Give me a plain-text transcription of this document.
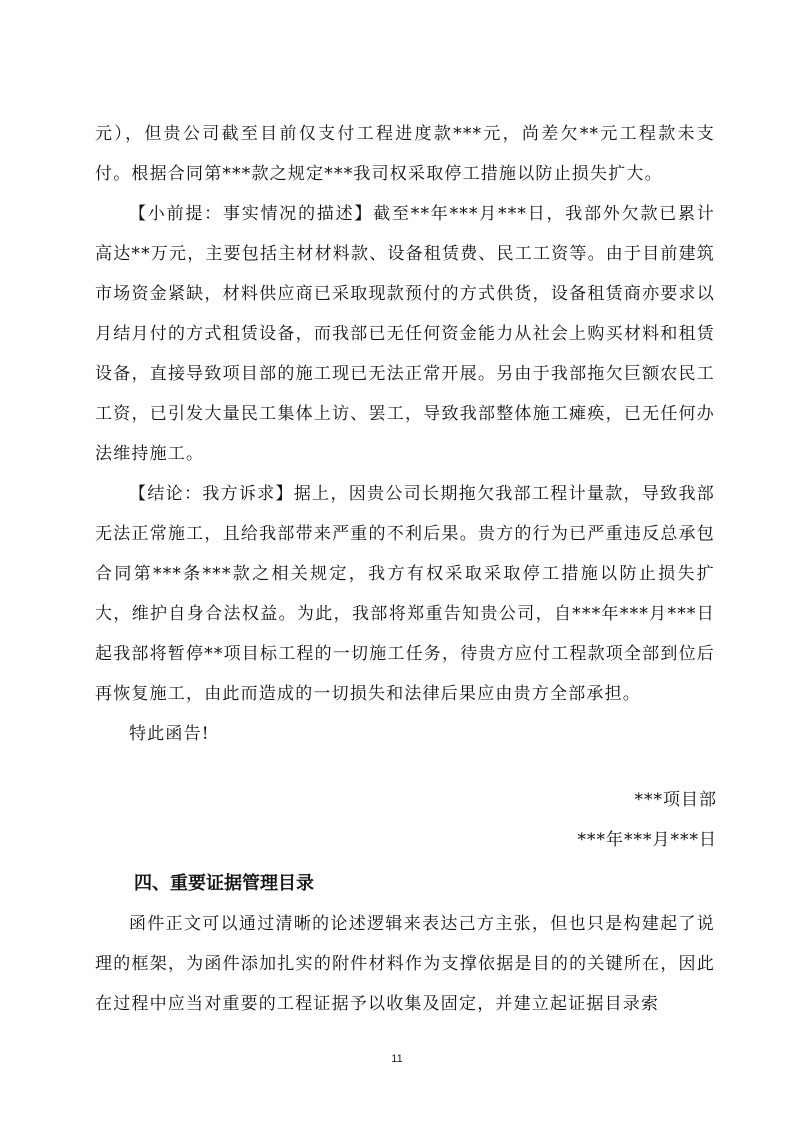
元），但贵公司截至目前仅支付工程进度款***元，尚差欠**元工程款未支付。根据合同第***款之规定***我司权采取停工措施以防止损失扩大。

【小前提：事实情况的描述】截至**年***月***日，我部外欠款已累计高达**万元，主要包括主材材料款、设备租赁费、民工工资等。由于目前建筑市场资金紧缺，材料供应商已采取现款预付的方式供货，设备租赁商亦要求以月结月付的方式租赁设备，而我部已无任何资金能力从社会上购买材料和租赁设备，直接导致项目部的施工现已无法正常开展。另由于我部拖欠巨额农民工工资，已引发大量民工集体上访、罢工，导致我部整体施工瘫痪，已无任何办法维持施工。

【结论：我方诉求】据上，因贵公司长期拖欠我部工程计量款，导致我部无法正常施工，且给我部带来严重的不利后果。贵方的行为已严重违反总承包合同第***条***款之相关规定，我方有权采取采取停工措施以防止损失扩大，维护自身合法权益。为此，我部将郑重告知贵公司，自***年***月***日起我部将暂停**项目标工程的一切施工任务，待贵方应付工程款项全部到位后再恢复施工，由此而造成的一切损失和法律后果应由贵方全部承担。

特此函告!

***项目部

***年***月***日

四、重要证据管理目录

函件正文可以通过清晰的论述逻辑来表达己方主张，但也只是构建起了说理的框架，为函件添加扎实的附件材料作为支撑依据是目的的关键所在，因此在过程中应当对重要的工程证据予以收集及固定，并建立起证据目录索

11
